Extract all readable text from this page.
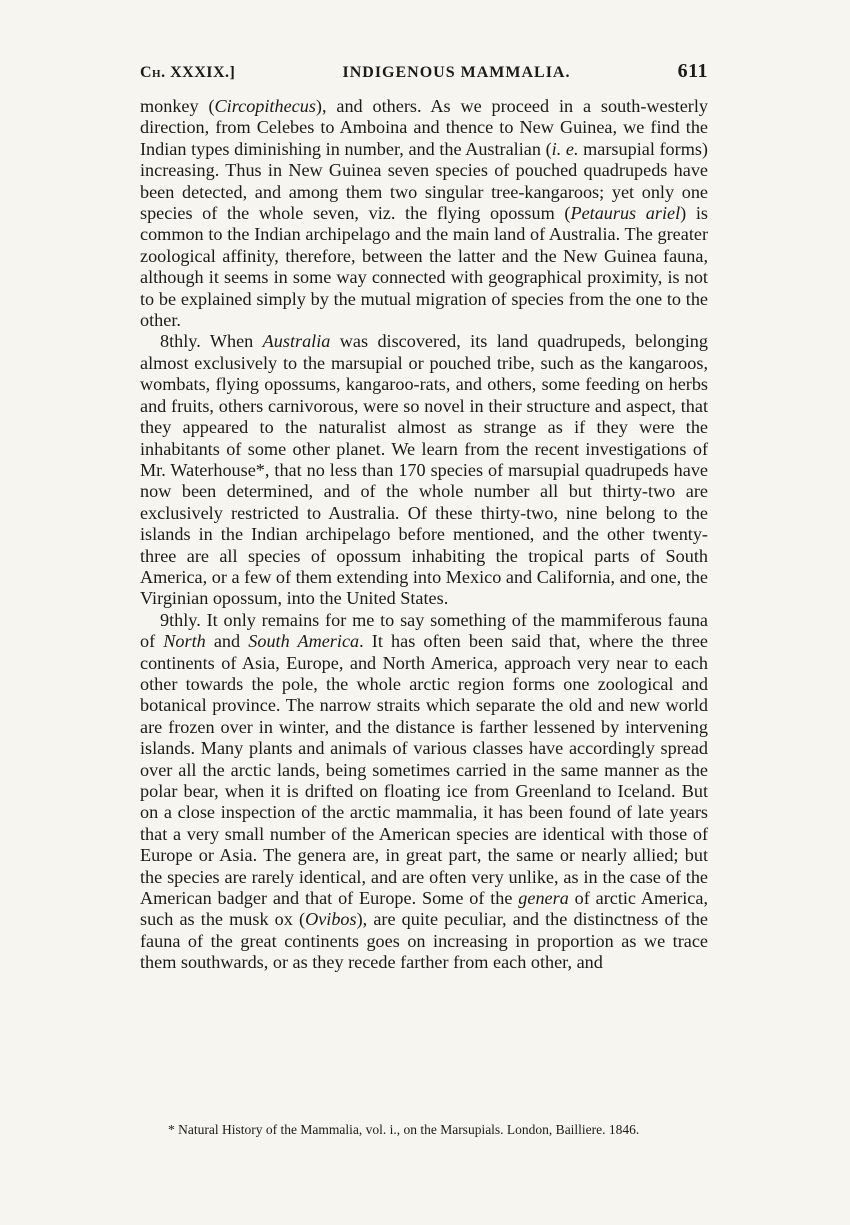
Ch. XXXIX.]	INDIGENOUS MAMMALIA.	611

monkey (Circopithecus), and others. As we proceed in a south-westerly direction, from Celebes to Amboina and thence to New Guinea, we find the Indian types diminishing in number, and the Australian (i. e. marsupial forms) increasing. Thus in New Guinea seven species of pouched quadrupeds have been detected, and among them two singular tree-kangaroos; yet only one species of the whole seven, viz. the flying opossum (Petaurus ariel) is common to the Indian archipelago and the main land of Australia. The greater zoological affinity, therefore, between the latter and the New Guinea fauna, although it seems in some way connected with geographical proximity, is not to be explained simply by the mutual migration of species from the one to the other.

8thly. When Australia was discovered, its land quadrupeds, belonging almost exclusively to the marsupial or pouched tribe, such as the kangaroos, wombats, flying opossums, kangaroo-rats, and others, some feeding on herbs and fruits, others carnivorous, were so novel in their structure and aspect, that they appeared to the naturalist almost as strange as if they were the inhabitants of some other planet. We learn from the recent investigations of Mr. Waterhouse*, that no less than 170 species of marsupial quadrupeds have now been determined, and of the whole number all but thirty-two are exclusively restricted to Australia. Of these thirty-two, nine belong to the islands in the Indian archipelago before mentioned, and the other twenty-three are all species of opossum inhabiting the tropical parts of South America, or a few of them extending into Mexico and California, and one, the Virginian opossum, into the United States.

9thly. It only remains for me to say something of the mammiferous fauna of North and South America. It has often been said that, where the three continents of Asia, Europe, and North America, approach very near to each other towards the pole, the whole arctic region forms one zoological and botanical province. The narrow straits which separate the old and new world are frozen over in winter, and the distance is farther lessened by intervening islands. Many plants and animals of various classes have accordingly spread over all the arctic lands, being sometimes carried in the same manner as the polar bear, when it is drifted on floating ice from Greenland to Iceland. But on a close inspection of the arctic mammalia, it has been found of late years that a very small number of the American species are identical with those of Europe or Asia. The genera are, in great part, the same or nearly allied; but the species are rarely identical, and are often very unlike, as in the case of the American badger and that of Europe. Some of the genera of arctic America, such as the musk ox (Ovibos), are quite peculiar, and the distinctness of the fauna of the great continents goes on increasing in proportion as we trace them southwards, or as they recede farther from each other, and

* Natural History of the Mammalia, vol. i., on the Marsupials. London, Bailliere. 1846.
